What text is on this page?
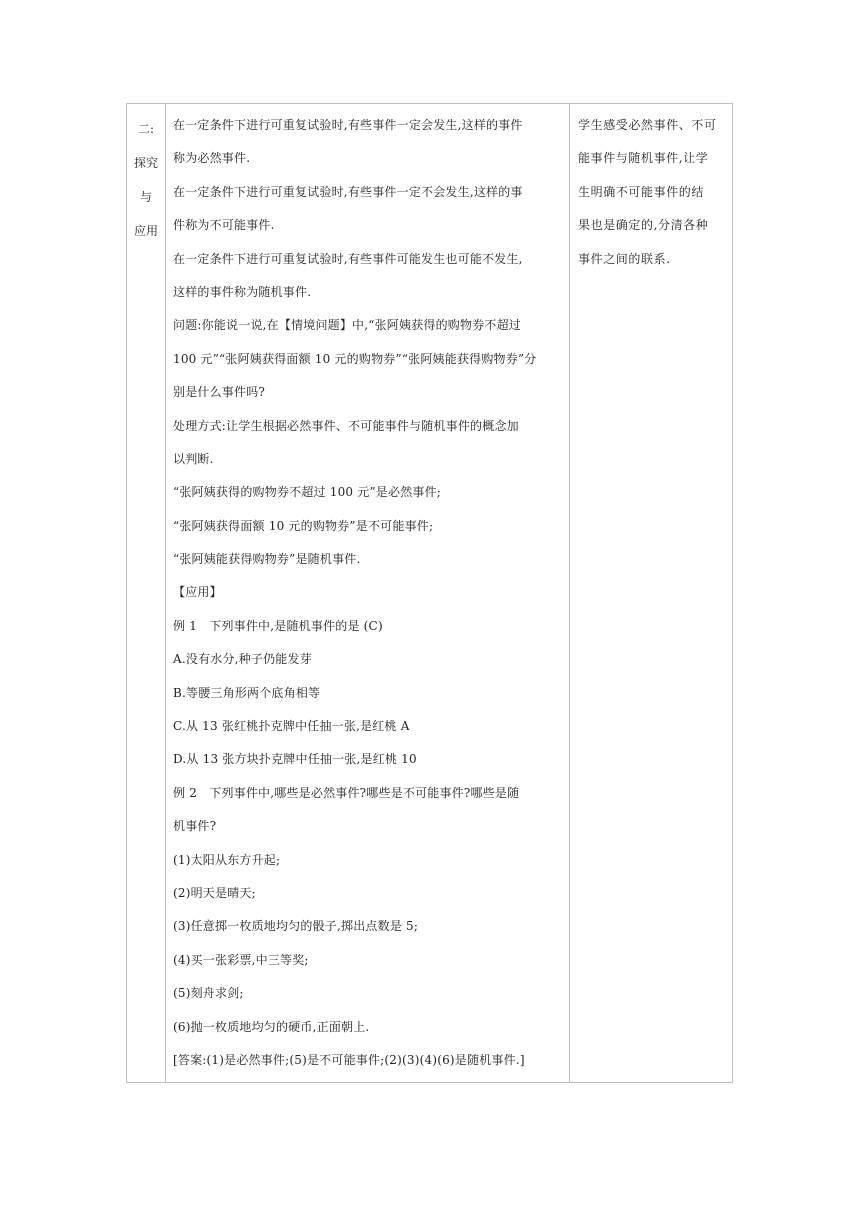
二:
探究
与
应用
在一定条件下进行可重复试验时,有些事件一定会发生,这样的事件
称为必然事件.
在一定条件下进行可重复试验时,有些事件一定不会发生,这样的事
件称为不可能事件.
在一定条件下进行可重复试验时,有些事件可能发生也可能不发生,
这样的事件称为随机事件.
问题:你能说一说,在【情境问题】中,“张阿姨获得的购物券不超过
100 元”“张阿姨获得面额 10 元的购物券”“张阿姨能获得购物券”分
别是什么事件吗?
处理方式:让学生根据必然事件、不可能事件与随机事件的概念加
以判断.
“张阿姨获得的购物券不超过 100 元”是必然事件;
“张阿姨获得面额 10 元的购物券”是不可能事件;
“张阿姨能获得购物券”是随机事件.
【应用】
例 1　下列事件中,是随机事件的是 (C)
A.没有水分,种子仍能发芽
B.等腰三角形两个底角相等
C.从 13 张红桃扑克牌中任抽一张,是红桃 A
D.从 13 张方块扑克牌中任抽一张,是红桃 10
例 2　下列事件中,哪些是必然事件?哪些是不可能事件?哪些是随
机事件?
(1)太阳从东方升起;
(2)明天是晴天;
(3)任意掷一枚质地均匀的骰子,掷出点数是 5;
(4)买一张彩票,中三等奖;
(5)刻舟求剑;
(6)抛一枚质地均匀的硬币,正面朝上.
[答案:(1)是必然事件;(5)是不可能事件;(2)(3)(4)(6)是随机事件.]
学生感受必然事件、不可
能事件与随机事件,让学
生明确不可能事件的结
果也是确定的,分清各种
事件之间的联系.
